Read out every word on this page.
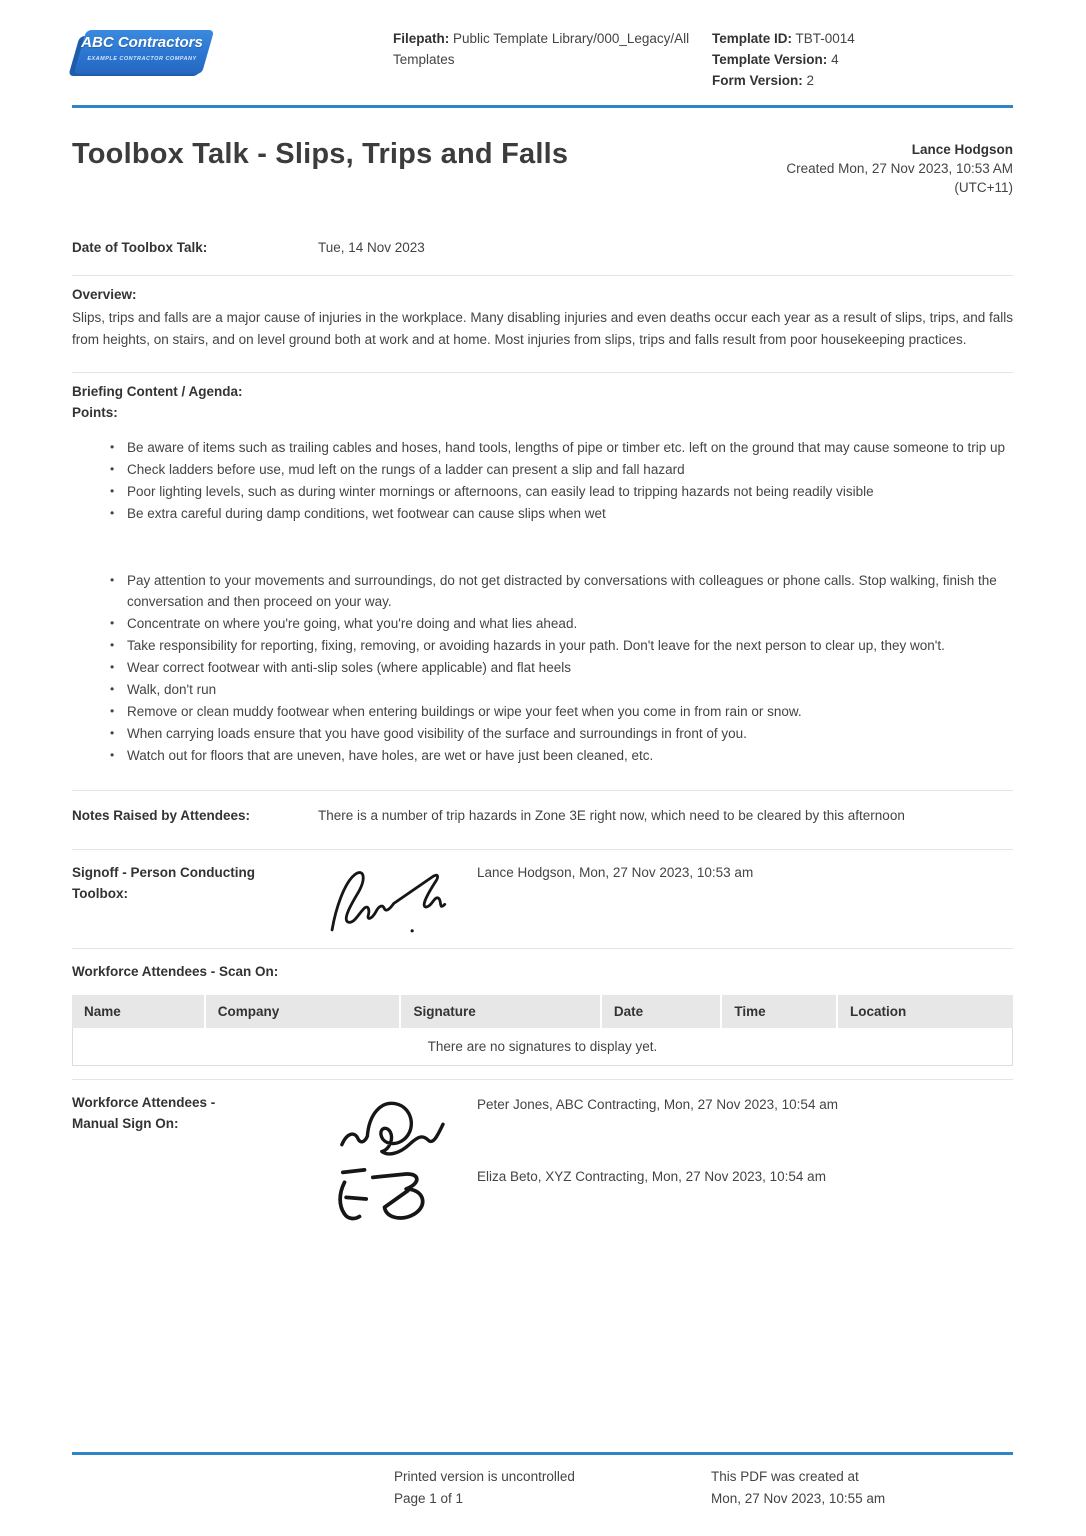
ABC Contractors
EXAMPLE CONTRACTOR COMPANY
Filepath: Public Template Library/000_Legacy/All Templates
Template ID: TBT-0014
Template Version: 4
Form Version: 2
Toolbox Talk - Slips, Trips and Falls	Lance Hodgson
Created Mon, 27 Nov 2023, 10:53 AM
(UTC+11)
Date of Toolbox Talk:	Tue, 14 Nov 2023
Overview:
Slips, trips and falls are a major cause of injuries in the workplace. Many disabling injuries and even deaths occur each year as a result of slips, trips, and falls from heights, on stairs, and on level ground both at work and at home. Most injuries from slips, trips and falls result from poor housekeeping practices.
Briefing Content / Agenda:
Points:
• Be aware of items such as trailing cables and hoses, hand tools, lengths of pipe or timber etc. left on the ground that may cause someone to trip up
• Check ladders before use, mud left on the rungs of a ladder can present a slip and fall hazard
• Poor lighting levels, such as during winter mornings or afternoons, can easily lead to tripping hazards not being readily visible
• Be extra careful during damp conditions, wet footwear can cause slips when wet
• Pay attention to your movements and surroundings, do not get distracted by conversations with colleagues or phone calls. Stop walking, finish the conversation and then proceed on your way.
• Concentrate on where you're going, what you're doing and what lies ahead.
• Take responsibility for reporting, fixing, removing, or avoiding hazards in your path. Don't leave for the next person to clear up, they won't.
• Wear correct footwear with anti-slip soles (where applicable) and flat heels
• Walk, don't run
• Remove or clean muddy footwear when entering buildings or wipe your feet when you come in from rain or snow.
• When carrying loads ensure that you have good visibility of the surface and surroundings in front of you.
• Watch out for floors that are uneven, have holes, are wet or have just been cleaned, etc.
Notes Raised by Attendees:	There is a number of trip hazards in Zone 3E right now, which need to be cleared by this afternoon
Signoff - Person Conducting
Toolbox:
Lance Hodgson, Mon, 27 Nov 2023, 10:53 am
Workforce Attendees - Scan On:
Name	Company	Signature	Date	Time	Location
There are no signatures to display yet.
Workforce Attendees -
Manual Sign On:
Peter Jones, ABC Contracting, Mon, 27 Nov 2023, 10:54 am
Eliza Beto, XYZ Contracting, Mon, 27 Nov 2023, 10:54 am
Printed version is uncontrolled
Page 1 of 1
This PDF was created at
Mon, 27 Nov 2023, 10:55 am
